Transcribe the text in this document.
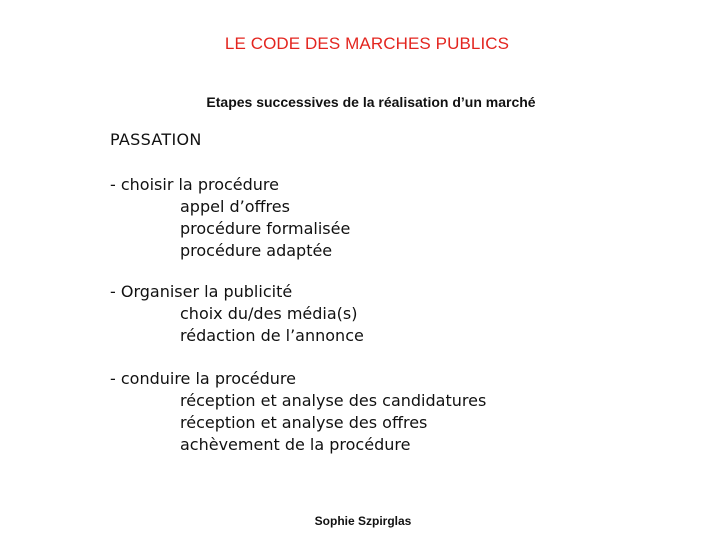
LE CODE DES MARCHES PUBLICS
Etapes successives de la réalisation d’un marché
PASSATION
- choisir la procédure
appel d’offres
procédure formalisée
procédure adaptée
- Organiser la publicité
choix du/des média(s)
rédaction de l’annonce
- conduire la procédure
réception et analyse des candidatures
réception et analyse des offres
achèvement de la procédure
Sophie Szpirglas
